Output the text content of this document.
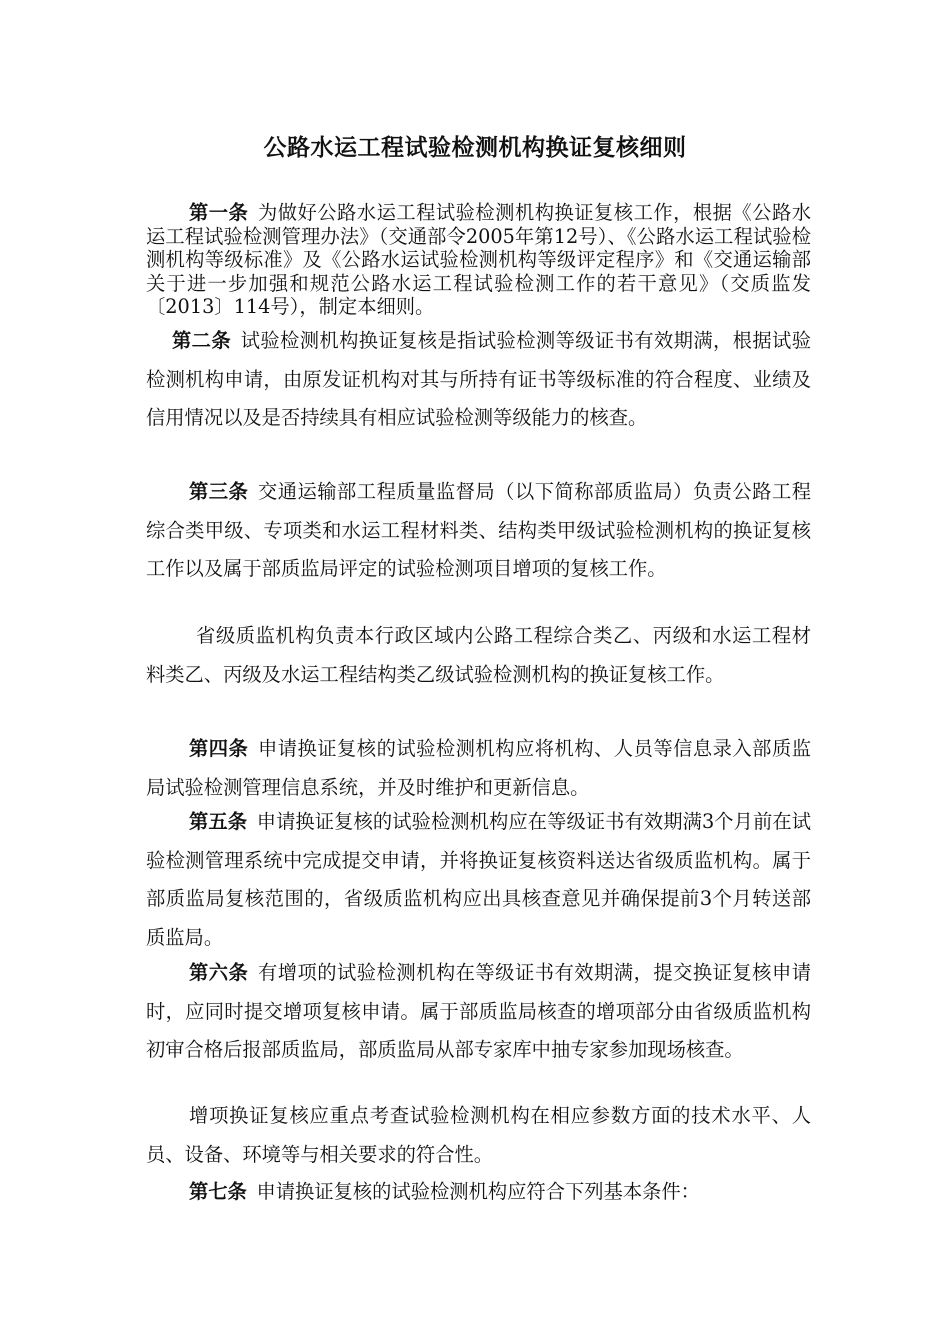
公路水运工程试验检测机构换证复核细则
第一条 为做好公路水运工程试验检测机构换证复核工作，根据《公路水运工程试验检测管理办法》（交通部令2005年第12号）、《公路水运工程试验检测机构等级标准》及《公路水运试验检测机构等级评定程序》和《交通运输部关于进一步加强和规范公路水运工程试验检测工作的若干意见》（交质监发〔2013〕114号），制定本细则。
第二条 试验检测机构换证复核是指试验检测等级证书有效期满，根据试验检测机构申请，由原发证机构对其与所持有证书等级标准的符合程度、业绩及信用情况以及是否持续具有相应试验检测等级能力的核查。
第三条 交通运输部工程质量监督局（以下简称部质监局）负责公路工程综合类甲级、专项类和水运工程材料类、结构类甲级试验检测机构的换证复核工作以及属于部质监局评定的试验检测项目增项的复核工作。
省级质监机构负责本行政区域内公路工程综合类乙、丙级和水运工程材料类乙、丙级及水运工程结构类乙级试验检测机构的换证复核工作。
第四条 申请换证复核的试验检测机构应将机构、人员等信息录入部质监局试验检测管理信息系统，并及时维护和更新信息。
第五条 申请换证复核的试验检测机构应在等级证书有效期满3个月前在试验检测管理系统中完成提交申请，并将换证复核资料送达省级质监机构。属于部质监局复核范围的，省级质监机构应出具核查意见并确保提前3个月转送部质监局。
第六条 有增项的试验检测机构在等级证书有效期满，提交换证复核申请时，应同时提交增项复核申请。属于部质监局核查的增项部分由省级质监机构初审合格后报部质监局，部质监局从部专家库中抽专家参加现场核查。
增项换证复核应重点考查试验检测机构在相应参数方面的技术水平、人员、设备、环境等与相关要求的符合性。
第七条 申请换证复核的试验检测机构应符合下列基本条件：
